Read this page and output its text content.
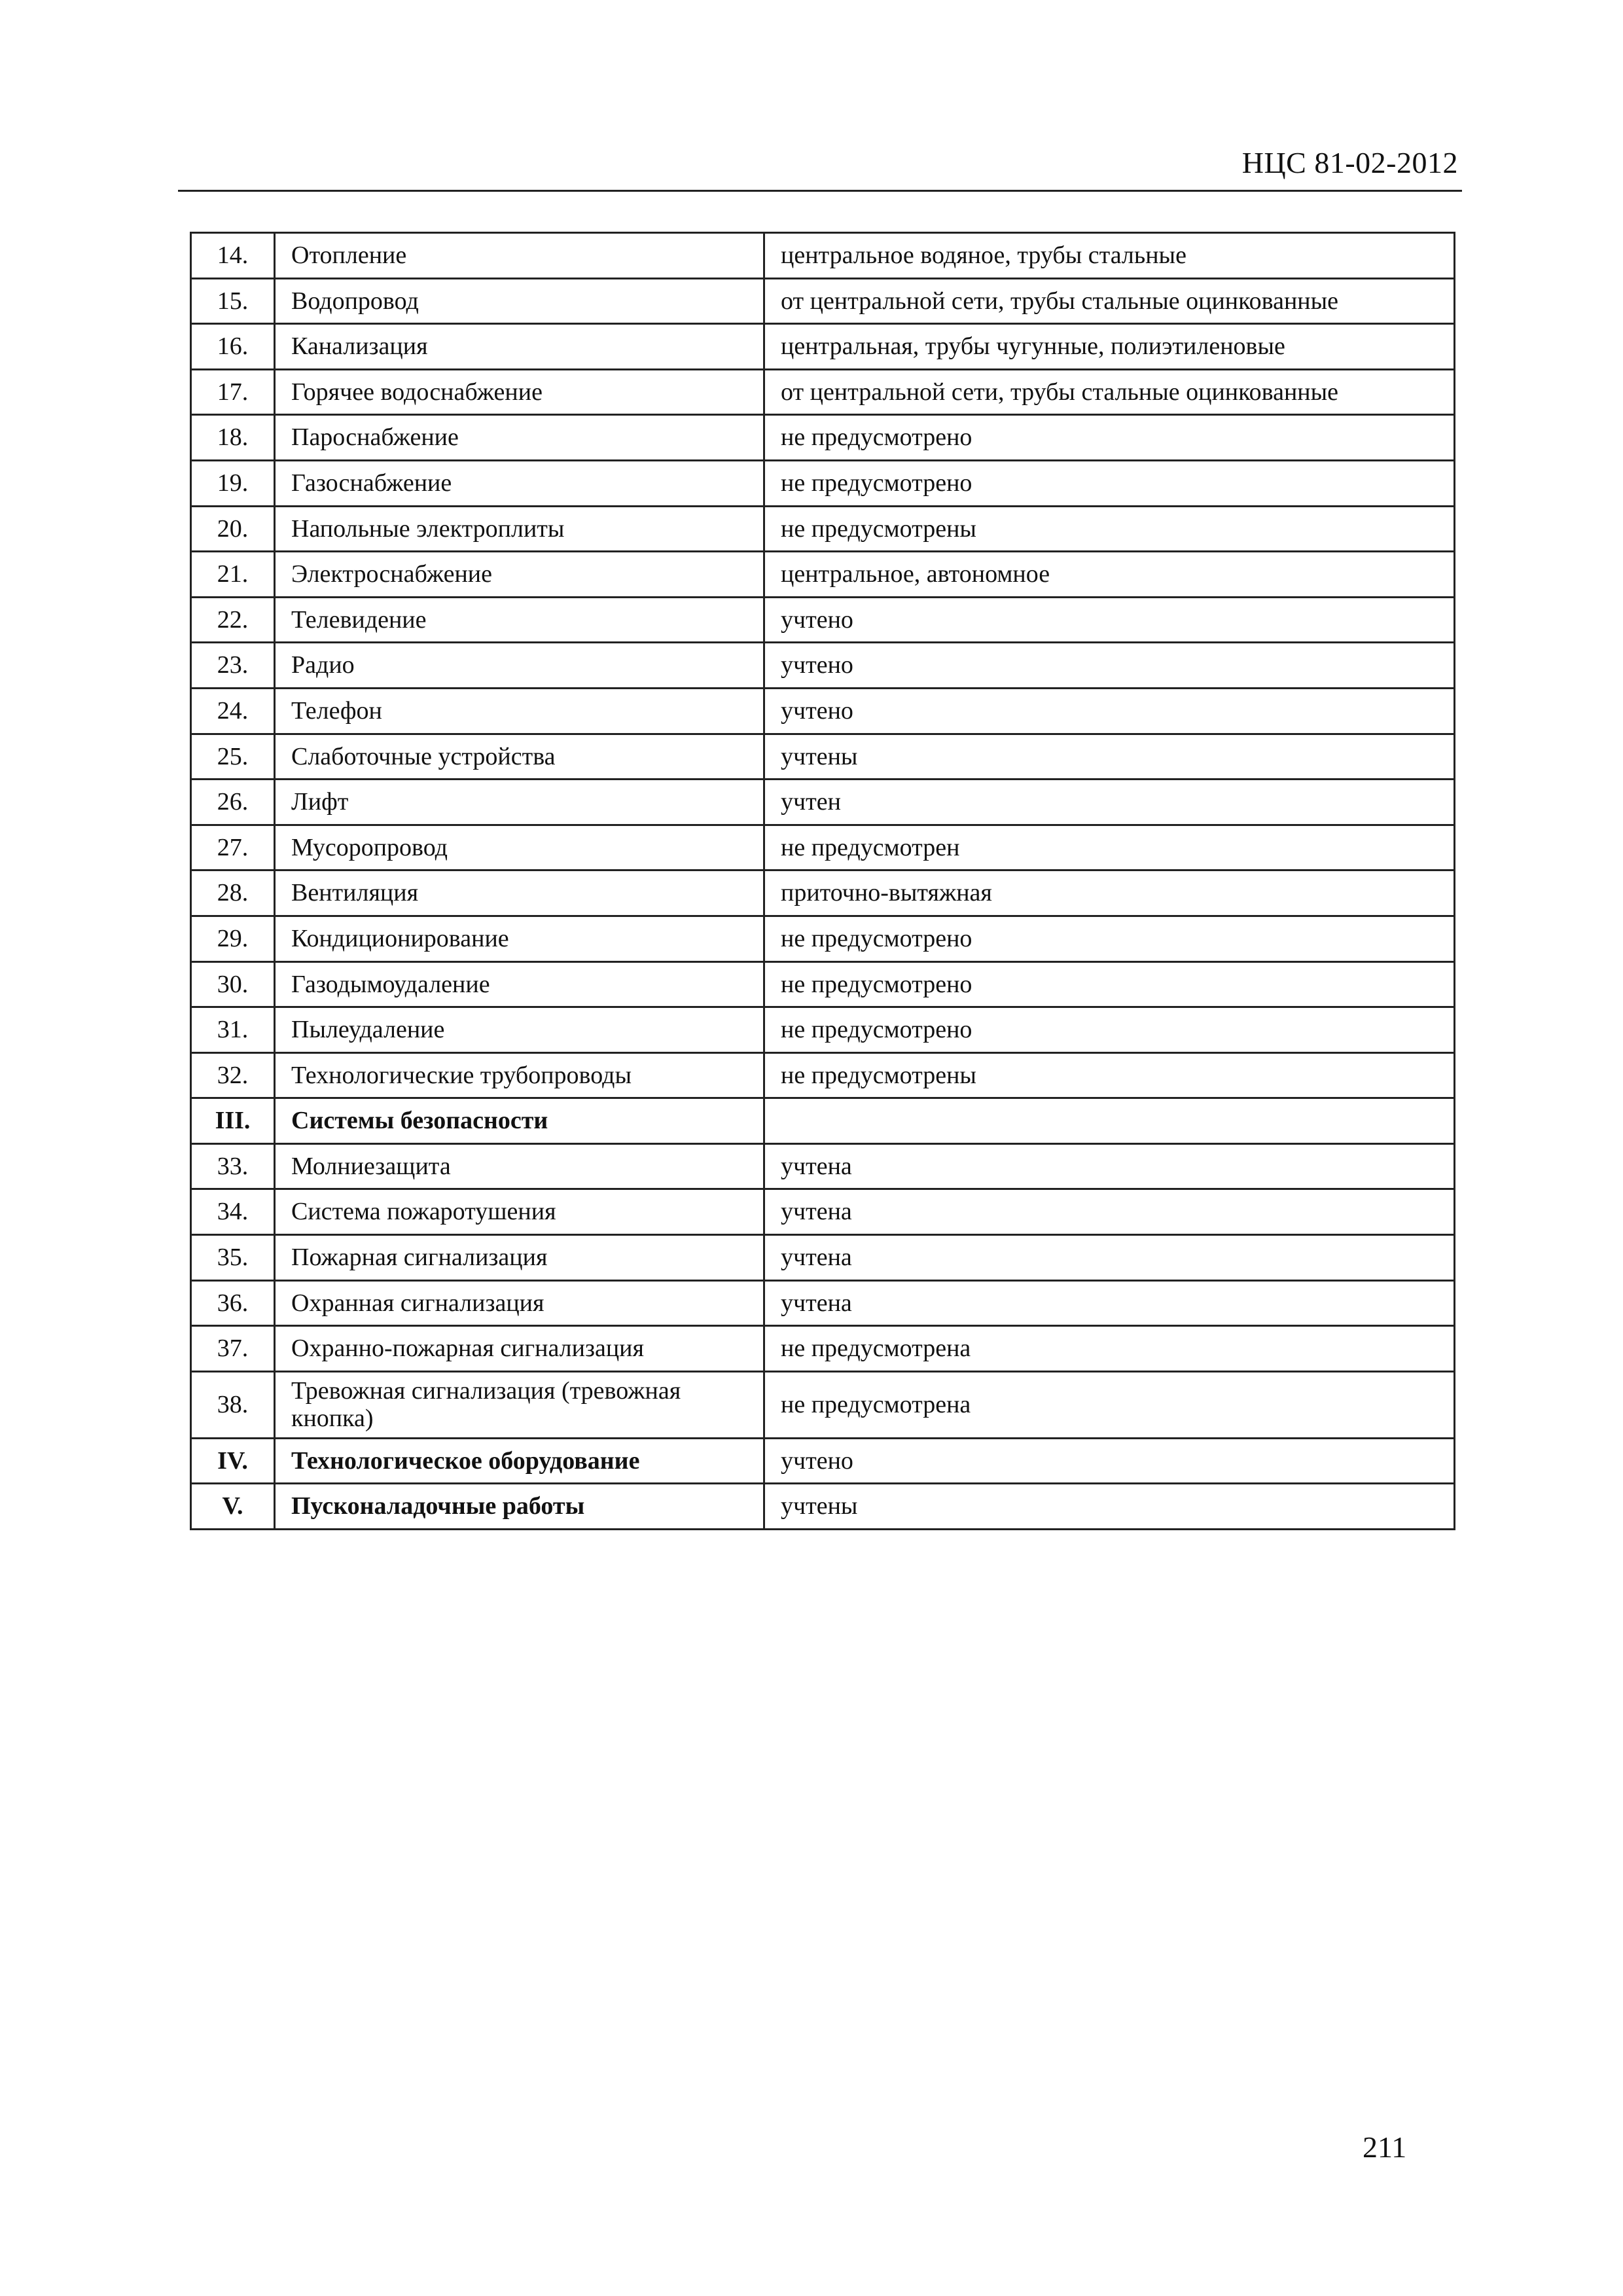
НЦС 81-02-2012
14.	Отопление	центральное водяное, трубы стальные
15.	Водопровод	от центральной сети, трубы стальные оцинкованные
16.	Канализация	центральная, трубы чугунные, полиэтиленовые
17.	Горячее водоснабжение	от центральной сети, трубы стальные оцинкованные
18.	Пароснабжение	не предусмотрено
19.	Газоснабжение	не предусмотрено
20.	Напольные электроплиты	не предусмотрены
21.	Электроснабжение	центральное, автономное
22.	Телевидение	учтено
23.	Радио	учтено
24.	Телефон	учтено
25.	Слаботочные устройства	учтены
26.	Лифт	учтен
27.	Мусоропровод	не предусмотрен
28.	Вентиляция	приточно-вытяжная
29.	Кондиционирование	не предусмотрено
30.	Газодымоудаление	не предусмотрено
31.	Пылеудаление	не предусмотрено
32.	Технологические трубопроводы	не предусмотрены
III.	Системы безопасности	
33.	Молниезащита	учтена
34.	Система пожаротушения	учтена
35.	Пожарная сигнализация	учтена
36.	Охранная сигнализация	учтена
37.	Охранно-пожарная сигнализация	не предусмотрена
38.	Тревожная сигнализация (тревожная кнопка)	не предусмотрена
IV.	Технологическое оборудование	учтено
V.	Пусконаладочные работы	учтены
211
